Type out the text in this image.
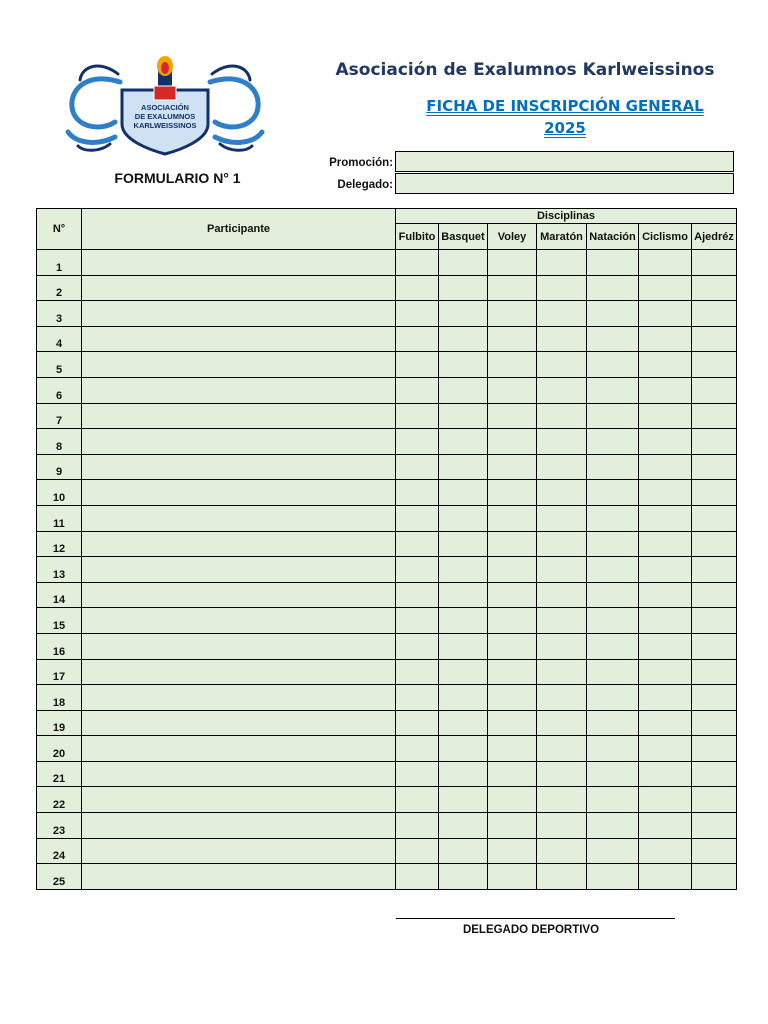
ASOCIACIÓN
DE EXALUMNOS
KARLWEISSINOS
Asociación de Exalumnos Karlweissinos
FICHA DE INSCRIPCIÓN GENERAL
2025
FORMULARIO N° 1
Promoción:
Delegado:
N°	Participante	Disciplinas						
		Fulbito	Basquet	Voley	Maratón	Natación	Ciclismo	Ajedréz
1								
2								
3								
4								
5								
6								
7								
8								
9								
10								
11								
12								
13								
14								
15								
16								
17								
18								
19								
20								
21								
22								
23								
24								
25								
DELEGADO DEPORTIVO
